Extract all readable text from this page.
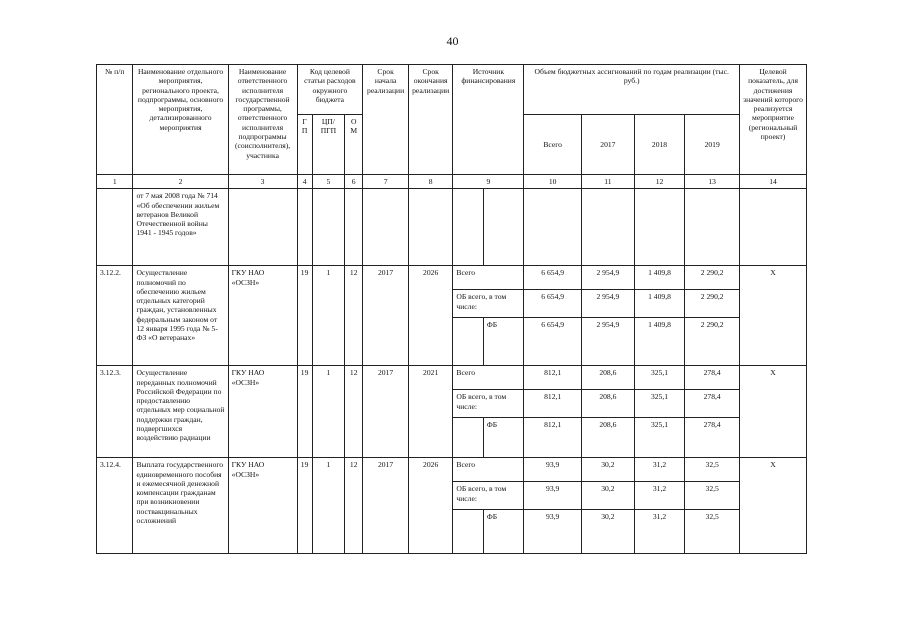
40
№ п/п	Наименование отдельного мероприятия, регионального проекта, подпрограммы, основного мероприятия, детализированного мероприятия	Наименование ответственного исполнителя государственной программы, ответственного исполнителя подпрограммы (соисполнителя), участника	Код целевой статьи расходов окружного бюджета			Срок начала реализации	Срок окончания реализации	Источник финансирования		Объем бюджетных ассигнований по годам реализации (тыс. руб.)				Целевой показатель, для достижения значений которого реализуется мероприятие (региональный проект)
			ГП	ЦП/ПГП	ОМ					Всего	2017	2018	2019	
1	2	3	4	5	6	7	8	9		10	11	12	13	14
	от 7 мая 2008 года № 714 «Об обеспечении жильем ветеранов Великой Отечественной войны 1941 - 1945 годов»													
3.12.2.	Осуществление полномочий по обеспечению жильем отдельных категорий граждан, установленных федеральным законом от 12 января 1995 года № 5-ФЗ «О ветеранах»	ГКУ НАО «ОСЗН»	19	1	12	2017	2026	Всего		6 654,9	2 954,9	1 409,8	2 290,2	X
								ОБ всего, в том числе:		6 654,9	2 954,9	1 409,8	2 290,2	
									ФБ	6 654,9	2 954,9	1 409,8	2 290,2	
3.12.3.	Осуществление переданных полномочий Российской Федерации по предоставлению отдельных мер социальной поддержки граждан, подвергшихся воздействию радиации	ГКУ НАО «ОСЗН»	19	1	12	2017	2021	Всего		812,1	208,6	325,1	278,4	X
								ОБ всего, в том числе:		812,1	208,6	325,1	278,4	
									ФБ	812,1	208,6	325,1	278,4	
3.12.4.	Выплата государственного единовременного пособия и ежемесячной денежной компенсации гражданам при возникновении поствакцинальных осложнений	ГКУ НАО «ОСЗН»	19	1	12	2017	2026	Всего		93,9	30,2	31,2	32,5	X
								ОБ всего, в том числе:		93,9	30,2	31,2	32,5	
									ФБ	93,9	30,2	31,2	32,5	
